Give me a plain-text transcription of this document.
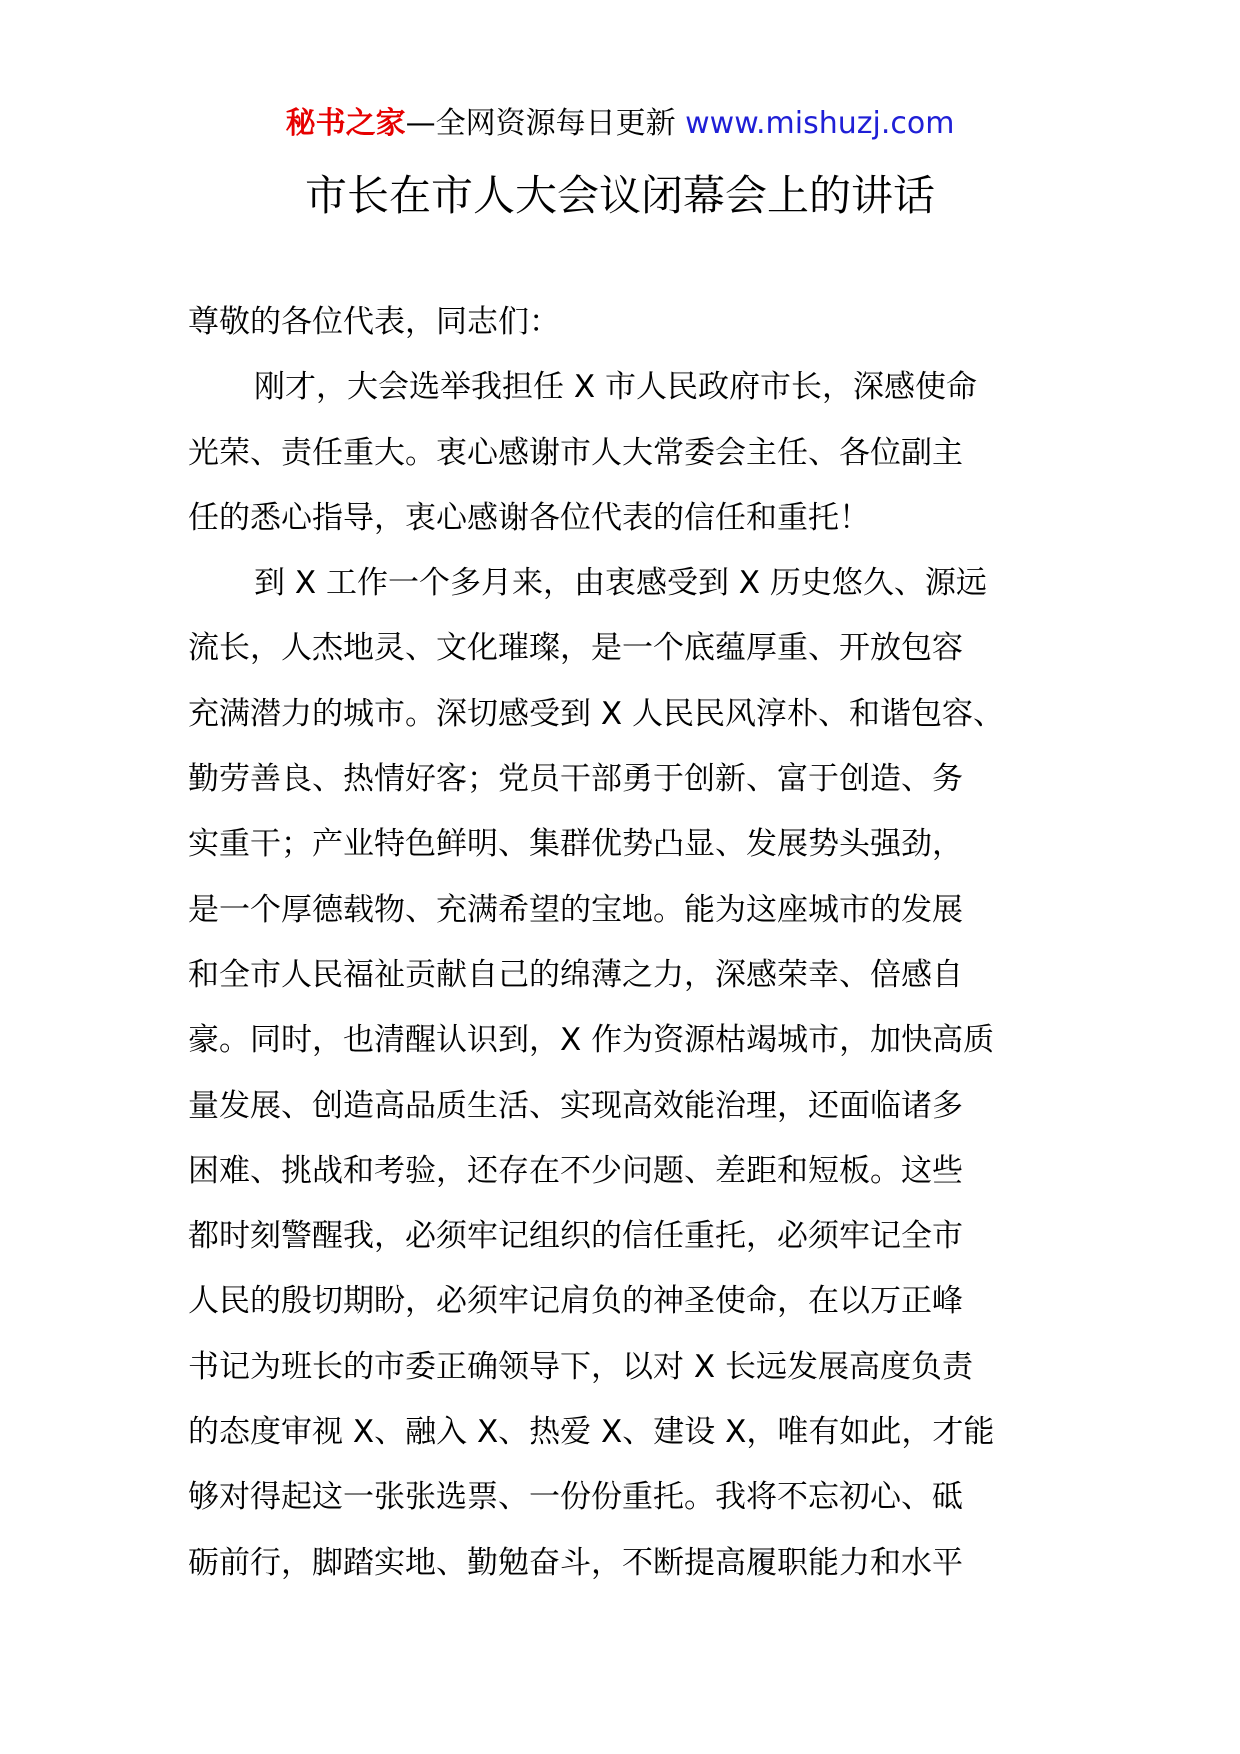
秘书之家—全网资源每日更新 www.mishuzj.com
市长在市人大会议闭幕会上的讲话
尊敬的各位代表，同志们：
刚才，大会选举我担任 X 市人民政府市长，深感使命
光荣、责任重大。衷心感谢市人大常委会主任、各位副主
任的悉心指导，衷心感谢各位代表的信任和重托！
到 X 工作一个多月来，由衷感受到 X 历史悠久、源远
流长，人杰地灵、文化璀璨，是一个底蕴厚重、开放包容
充满潜力的城市。深切感受到 X 人民民风淳朴、和谐包容、
勤劳善良、热情好客；党员干部勇于创新、富于创造、务
实重干；产业特色鲜明、集群优势凸显、发展势头强劲，
是一个厚德载物、充满希望的宝地。能为这座城市的发展
和全市人民福祉贡献自己的绵薄之力，深感荣幸、倍感自
豪。同时，也清醒认识到，X 作为资源枯竭城市，加快高质
量发展、创造高品质生活、实现高效能治理，还面临诸多
困难、挑战和考验，还存在不少问题、差距和短板。这些
都时刻警醒我，必须牢记组织的信任重托，必须牢记全市
人民的殷切期盼，必须牢记肩负的神圣使命，在以万正峰
书记为班长的市委正确领导下，以对 X 长远发展高度负责
的态度审视 X、融入 X、热爱 X、建设 X，唯有如此，才能
够对得起这一张张选票、一份份重托。我将不忘初心、砥
砺前行，脚踏实地、勤勉奋斗，不断提高履职能力和水平
